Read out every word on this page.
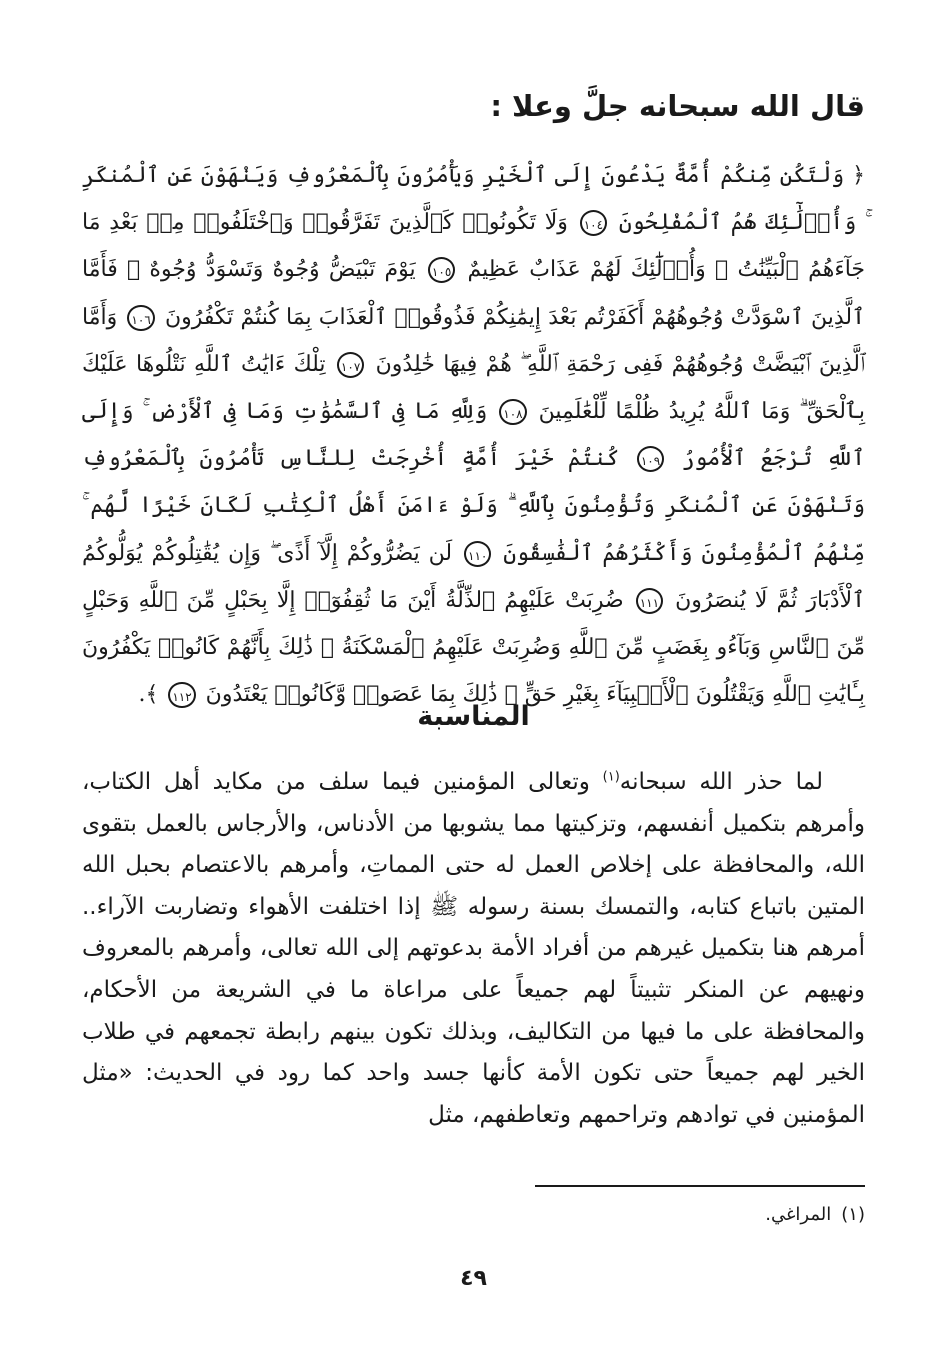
قال الله سبحانه جلَّ وعلا :
﴿ وَلْتَكُن مِّنكُمْ أُمَّةٌ يَدْعُونَ إِلَى ٱلْخَيْرِ وَيَأْمُرُونَ بِٱلْمَعْرُوفِ وَيَنْهَوْنَ عَنِ ٱلْمُنكَرِ ۚ وَأُو۟لَٰٓئِكَ هُمُ ٱلْمُفْلِحُونَ ١٠٤ وَلَا تَكُونُوا۟ كَٱلَّذِينَ تَفَرَّقُوا۟ وَٱخْتَلَفُوا۟ مِنۢ بَعْدِ مَا جَآءَهُمُ ٱلْبَيِّنَٰتُ ۚ وَأُو۟لَٰٓئِكَ لَهُمْ عَذَابٌ عَظِيمٌ ١٠٥ يَوْمَ تَبْيَضُّ وُجُوهٌ وَتَسْوَدُّ وُجُوهٌ ۚ فَأَمَّا ٱلَّذِينَ ٱسْوَدَّتْ وُجُوهُهُمْ أَكَفَرْتُم بَعْدَ إِيمَٰنِكُمْ فَذُوقُوا۟ ٱلْعَذَابَ بِمَا كُنتُمْ تَكْفُرُونَ ١٠٦ وَأَمَّا ٱلَّذِينَ ٱبْيَضَّتْ وُجُوهُهُمْ فَفِى رَحْمَةِ ٱللَّهِ ۖ هُمْ فِيهَا خَٰلِدُونَ ١٠٧ تِلْكَ ءَايَٰتُ ٱللَّهِ نَتْلُوهَا عَلَيْكَ بِٱلْحَقِّ ۗ وَمَا ٱللَّهُ يُرِيدُ ظُلْمًا لِّلْعَٰلَمِينَ ١٠٨ وَلِلَّهِ مَا فِى ٱلسَّمَٰوَٰتِ وَمَا فِى ٱلْأَرْضِ ۚ وَإِلَى ٱللَّهِ تُرْجَعُ ٱلْأُمُورُ ١٠٩ كُنتُمْ خَيْرَ أُمَّةٍ أُخْرِجَتْ لِلنَّاسِ تَأْمُرُونَ بِٱلْمَعْرُوفِ وَتَنْهَوْنَ عَنِ ٱلْمُنكَرِ وَتُؤْمِنُونَ بِٱللَّهِ ۗ وَلَوْ ءَامَنَ أَهْلُ ٱلْكِتَٰبِ لَكَانَ خَيْرًا لَّهُم ۚ مِّنْهُمُ ٱلْمُؤْمِنُونَ وَأَكْثَرُهُمُ ٱلْفَٰسِقُونَ ١١٠ لَن يَضُرُّوكُمْ إِلَّآ أَذًى ۖ وَإِن يُقَٰتِلُوكُمْ يُوَلُّوكُمُ ٱلْأَدْبَارَ ثُمَّ لَا يُنصَرُونَ ١١١ ضُرِبَتْ عَلَيْهِمُ ٱلذِّلَّةُ أَيْنَ مَا ثُقِفُوٓا۟ إِلَّا بِحَبْلٍ مِّنَ ٱللَّهِ وَحَبْلٍ مِّنَ ٱلنَّاسِ وَبَآءُو بِغَضَبٍ مِّنَ ٱللَّهِ وَضُرِبَتْ عَلَيْهِمُ ٱلْمَسْكَنَةُ ۚ ذَٰلِكَ بِأَنَّهُمْ كَانُوا۟ يَكْفُرُونَ بِـَٔايَٰتِ ٱللَّهِ وَيَقْتُلُونَ ٱلْأَنۢبِيَآءَ بِغَيْرِ حَقٍّ ۚ ذَٰلِكَ بِمَا عَصَوا۟ وَّكَانُوا۟ يَعْتَدُونَ ١١٢ ﴾.
المناسبة

لما حذر الله سبحانه$^{(١)}$ وتعالى المؤمنين فيما سلف من مكايد أهل الكتاب، وأمرهم بتكميل أنفسهم، وتزكيتها مما يشوبها من الأدناس، والأرجاس بالعمل بتقوى الله، والمحافظة على إخلاص العمل له حتى المماتِ، وأمرهم بالاعتصام بحبل الله المتين باتباع كتابه، والتمسك بسنة رسوله ﷺ إذا اختلفت الأهواء وتضاربت الآراء.. أمرهم هنا بتكميل غيرهم من أفراد الأمة بدعوتهم إلى الله تعالى، وأمرهم بالمعروف ونهيهم عن المنكر تثبيتاً لهم جميعاً على مراعاة ما في الشريعة من الأحكام، والمحافظة على ما فيها من التكاليف، وبذلك تكون بينهم رابطة تجمعهم في طلاب الخير لهم جميعاً حتى تكون الأمة كأنها جسد واحد كما رود في الحديث: «مثل المؤمنين في توادهم وتراحمهم وتعاطفهم، مثل

(١)المراغي.
٤٩
